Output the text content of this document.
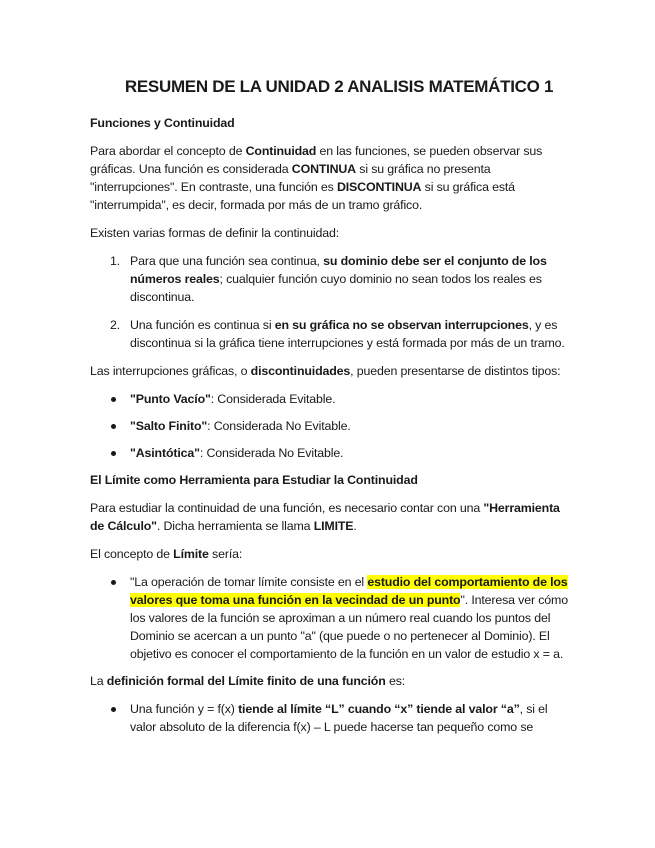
RESUMEN DE LA UNIDAD 2 ANALISIS MATEMÁTICO 1
Funciones y Continuidad

Para abordar el concepto de Continuidad en las funciones, se pueden observar sus gráficas. Una función es considerada CONTINUA si su gráfica no presenta "interrupciones". En contraste, una función es DISCONTINUA si su gráfica está "interrumpida", es decir, formada por más de un tramo gráfico.

Existen varias formas de definir la continuidad:

1. Para que una función sea continua, su dominio debe ser el conjunto de los números reales; cualquier función cuyo dominio no sean todos los reales es discontinua.
2. Una función es continua si en su gráfica no se observan interrupciones, y es discontinua si la gráfica tiene interrupciones y está formada por más de un tramo.

Las interrupciones gráficas, o discontinuidades, pueden presentarse de distintos tipos:

"Punto Vacío": Considerada Evitable.
"Salto Finito": Considerada No Evitable.
"Asintótica": Considerada No Evitable.
El Límite como Herramienta para Estudiar la Continuidad

Para estudiar la continuidad de una función, es necesario contar con una "Herramienta de Cálculo". Dicha herramienta se llama LIMITE.

El concepto de Límite sería:

"La operación de tomar límite consiste en el estudio del comportamiento de los valores que toma una función en la vecindad de un punto". Interesa ver cómo los valores de la función se aproximan a un número real cuando los puntos del Dominio se acercan a un punto "a" (que puede o no pertenecer al Dominio). El objetivo es conocer el comportamiento de la función en un valor de estudio x = a.

La definición formal del Límite finito de una función es:

Una función y = f(x) tiende al límite “L” cuando “x” tiende al valor “a”, si el valor absoluto de la diferencia f(x) – L puede hacerse tan pequeño como se
